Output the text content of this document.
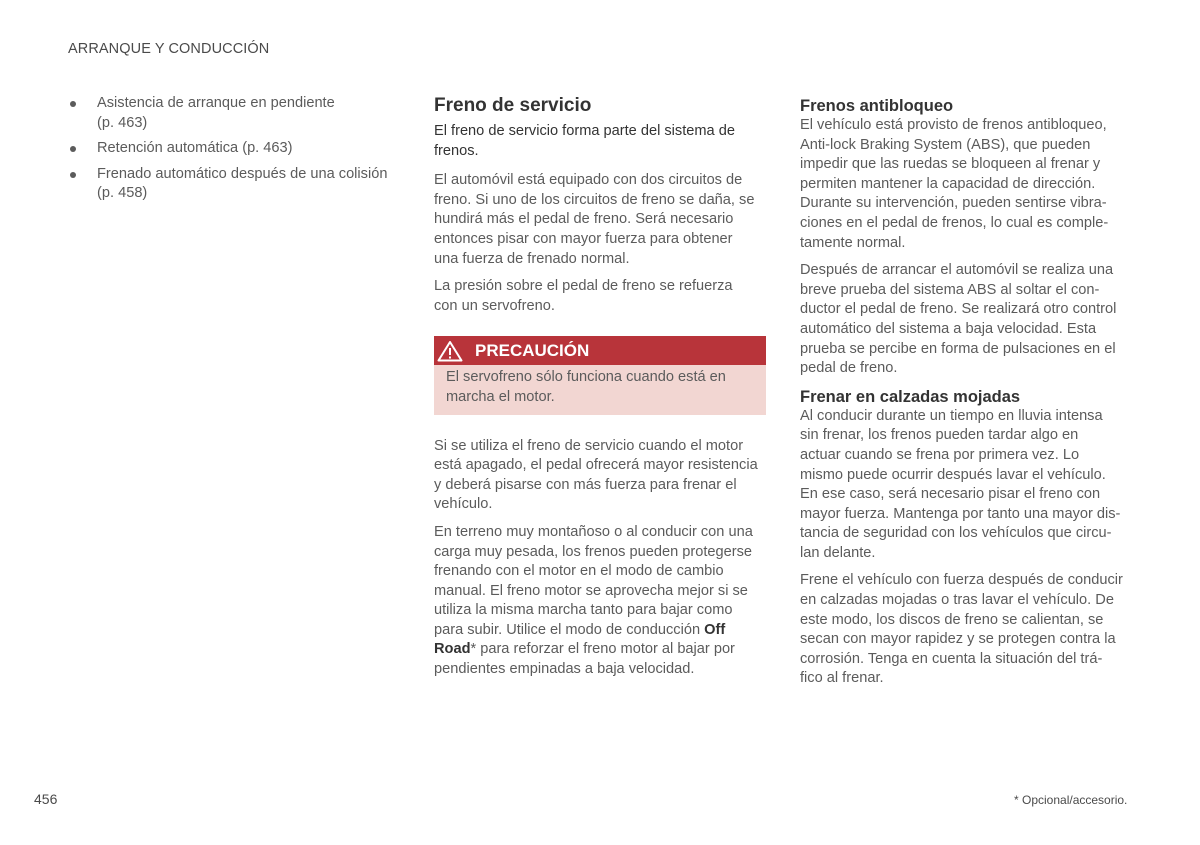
ARRANQUE Y CONDUCCIÓN
Asistencia de arranque en pendiente
(p. 463)
Retención automática (p. 463)
Frenado automático después de una colisión
(p. 458)
Freno de servicio
El freno de servicio forma parte del sistema de
frenos.

El automóvil está equipado con dos circuitos de
freno. Si uno de los circuitos de freno se daña, se
hundirá más el pedal de freno. Será necesario
entonces pisar con mayor fuerza para obtener
una fuerza de frenado normal.

La presión sobre el pedal de freno se refuerza
con un servofreno.

PRECAUCIÓN
El servofreno sólo funciona cuando está en
marcha el motor.

Si se utiliza el freno de servicio cuando el motor
está apagado, el pedal ofrecerá mayor resistencia
y deberá pisarse con más fuerza para frenar el
vehículo.

En terreno muy montañoso o al conducir con una
carga muy pesada, los frenos pueden protegerse
frenando con el motor en el modo de cambio
manual. El freno motor se aprovecha mejor si se
utiliza la misma marcha tanto para bajar como
para subir. Utilice el modo de conducción Off
Road* para reforzar el freno motor al bajar por
pendientes empinadas a baja velocidad.

Frenos antibloqueo

El vehículo está provisto de frenos antibloqueo,
Anti-lock Braking System (ABS), que pueden
impedir que las ruedas se bloqueen al frenar y
permiten mantener la capacidad de dirección.
Durante su intervención, pueden sentirse vibra-
ciones en el pedal de frenos, lo cual es comple-
tamente normal.

Después de arrancar el automóvil se realiza una
breve prueba del sistema ABS al soltar el con-
ductor el pedal de freno. Se realizará otro control
automático del sistema a baja velocidad. Esta
prueba se percibe en forma de pulsaciones en el
pedal de freno.

Frenar en calzadas mojadas

Al conducir durante un tiempo en lluvia intensa
sin frenar, los frenos pueden tardar algo en
actuar cuando se frena por primera vez. Lo
mismo puede ocurrir después lavar el vehículo.
En ese caso, será necesario pisar el freno con
mayor fuerza. Mantenga por tanto una mayor dis-
tancia de seguridad con los vehículos que circu-
lan delante.

Frene el vehículo con fuerza después de conducir
en calzadas mojadas o tras lavar el vehículo. De
este modo, los discos de freno se calientan, se
secan con mayor rapidez y se protegen contra la
corrosión. Tenga en cuenta la situación del trá-
fico al frenar.

456	* Opcional/accesorio.
